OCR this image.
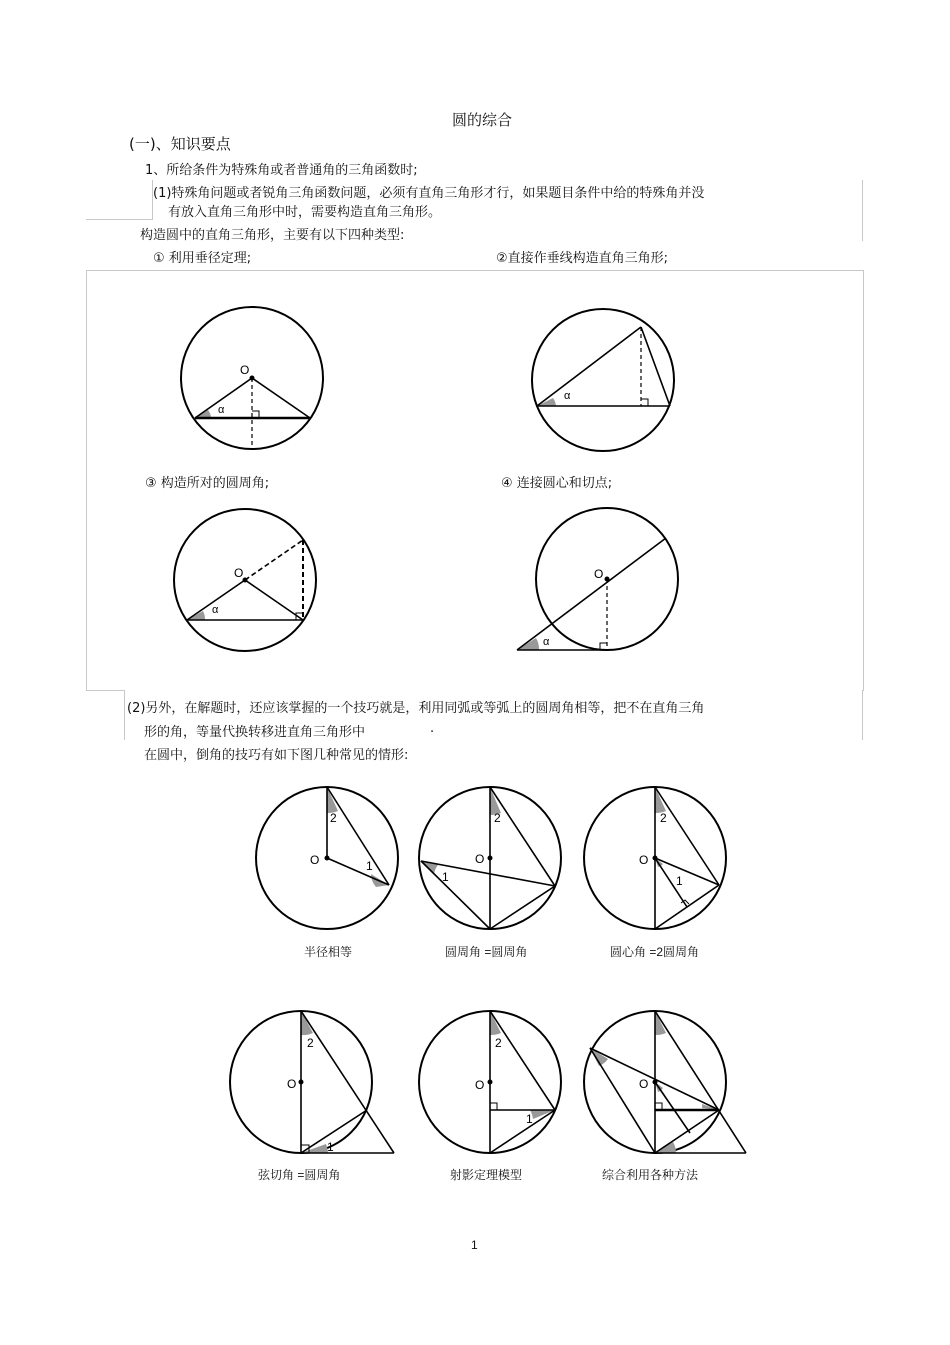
圆的综合
(一)、知识要点
1、所给条件为特殊角或者普通角的三角函数时;
(1)特殊角问题或者锐角三角函数问题，必须有直角三角形才行，如果题目条件中给的特殊角并没
有放入直角三角形中时，需要构造直角三角形。
构造圆中的直角三角形，主要有以下四种类型:
① 利用垂径定理;	②直接作垂线构造直角三角形;
O
α
α
③ 构造所对的圆周角;	④ 连接圆心和切点;
O
α
O
α
(2)另外，在解题时，还应该掌握的一个技巧就是，利用同弧或等弧上的圆周角相等，把不在直角三角
形的角，等量代换转移进直角三角形中	.
在圆中，倒角的技巧有如下图几种常见的情形:
O
2
1	O
2
1
O
2
1
半径相等	圆周角 =圆周角	圆心角 =2圆周角
O
2
1
O
2
1
O
弦切角 =圆周角	射影定理模型	综合利用各种方法
1
